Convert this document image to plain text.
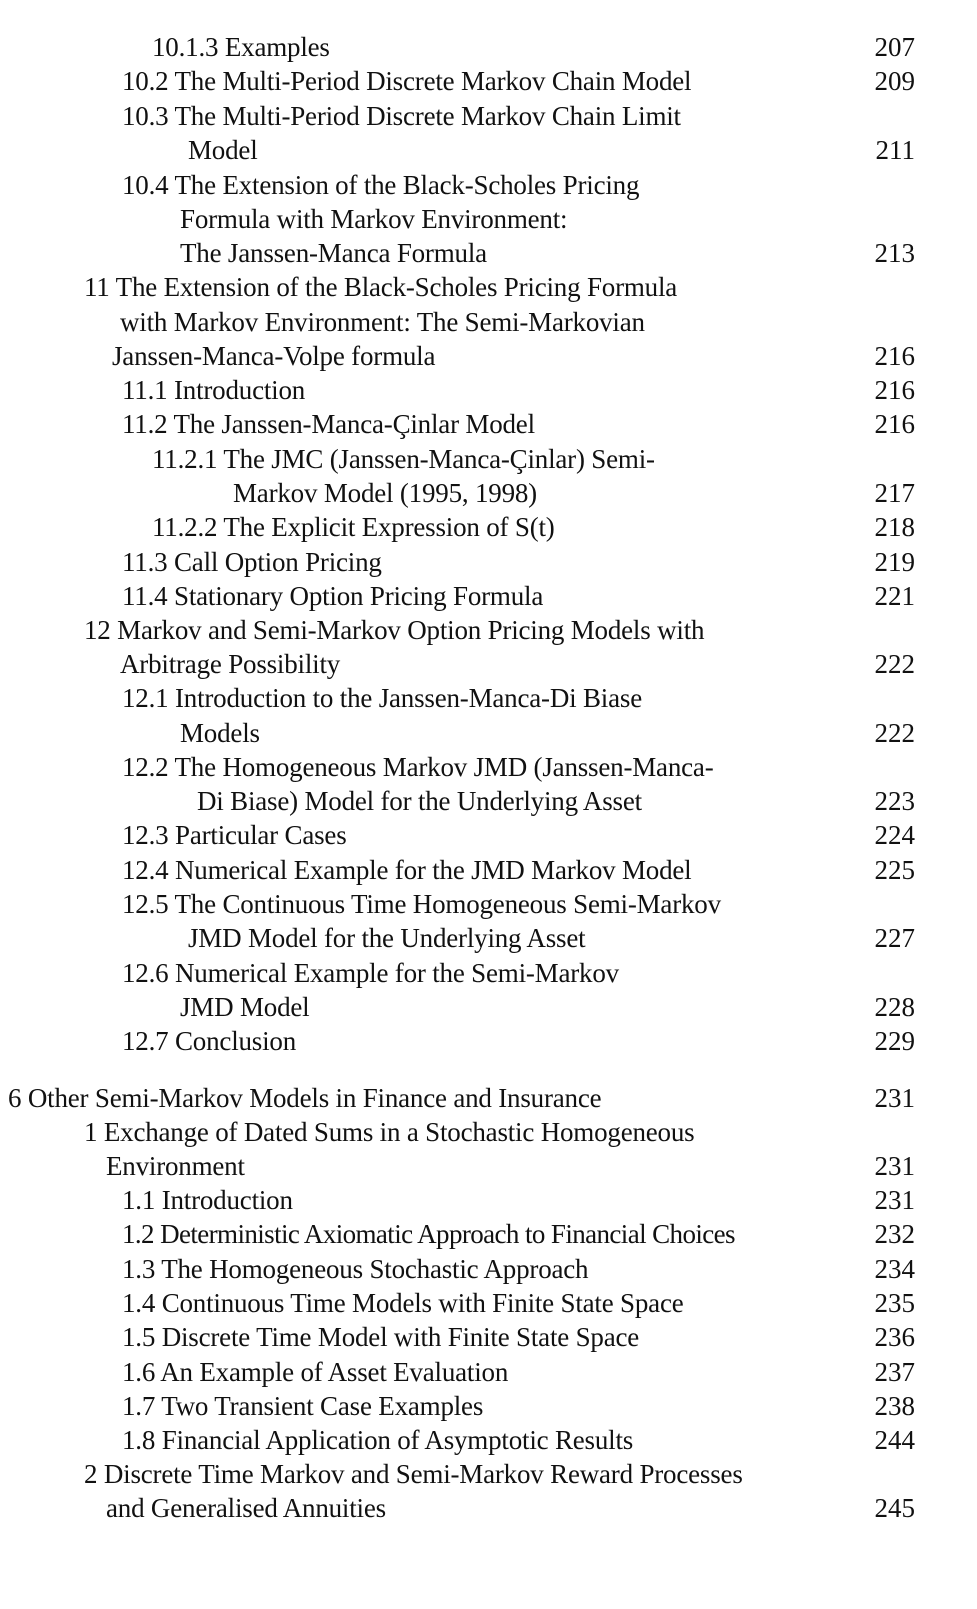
10.1.3 Examples	207
10.2 The Multi-Period Discrete Markov Chain Model	209
10.3 The Multi-Period Discrete Markov Chain Limit
Model	211
10.4 The Extension of the Black-Scholes Pricing
Formula with Markov Environment:
The Janssen-Manca Formula	213
11 The Extension of the Black-Scholes Pricing Formula
with Markov Environment: The Semi-Markovian
Janssen-Manca-Volpe formula	216
11.1 Introduction	216
11.2 The Janssen-Manca-Çinlar Model	216
11.2.1 The JMC (Janssen-Manca-Çinlar) Semi-
Markov Model (1995, 1998)	217
11.2.2 The Explicit Expression of S(t)	218
11.3 Call Option Pricing	219
11.4 Stationary Option Pricing Formula	221
12 Markov and Semi-Markov Option Pricing Models with
Arbitrage Possibility	222
12.1 Introduction to the Janssen-Manca-Di Biase
Models	222
12.2 The Homogeneous Markov JMD (Janssen-Manca-
Di Biase) Model for the Underlying Asset	223
12.3 Particular Cases	224
12.4 Numerical Example for the JMD Markov Model	225
12.5 The Continuous Time Homogeneous Semi-Markov
JMD Model for the Underlying Asset	227
12.6 Numerical Example for the Semi-Markov
JMD Model	228
12.7 Conclusion	229
6 Other Semi-Markov Models in Finance and Insurance	231
1 Exchange of Dated Sums in a Stochastic Homogeneous
Environment	231
1.1 Introduction	231
1.2 Deterministic Axiomatic Approach to Financial Choices	232
1.3 The Homogeneous Stochastic Approach	234
1.4 Continuous Time Models with Finite State Space	235
1.5 Discrete Time Model with Finite State Space	236
1.6 An Example of Asset Evaluation	237
1.7 Two Transient Case Examples	238
1.8 Financial Application of Asymptotic Results	244
2 Discrete Time Markov and Semi-Markov Reward Processes
and Generalised Annuities	245
